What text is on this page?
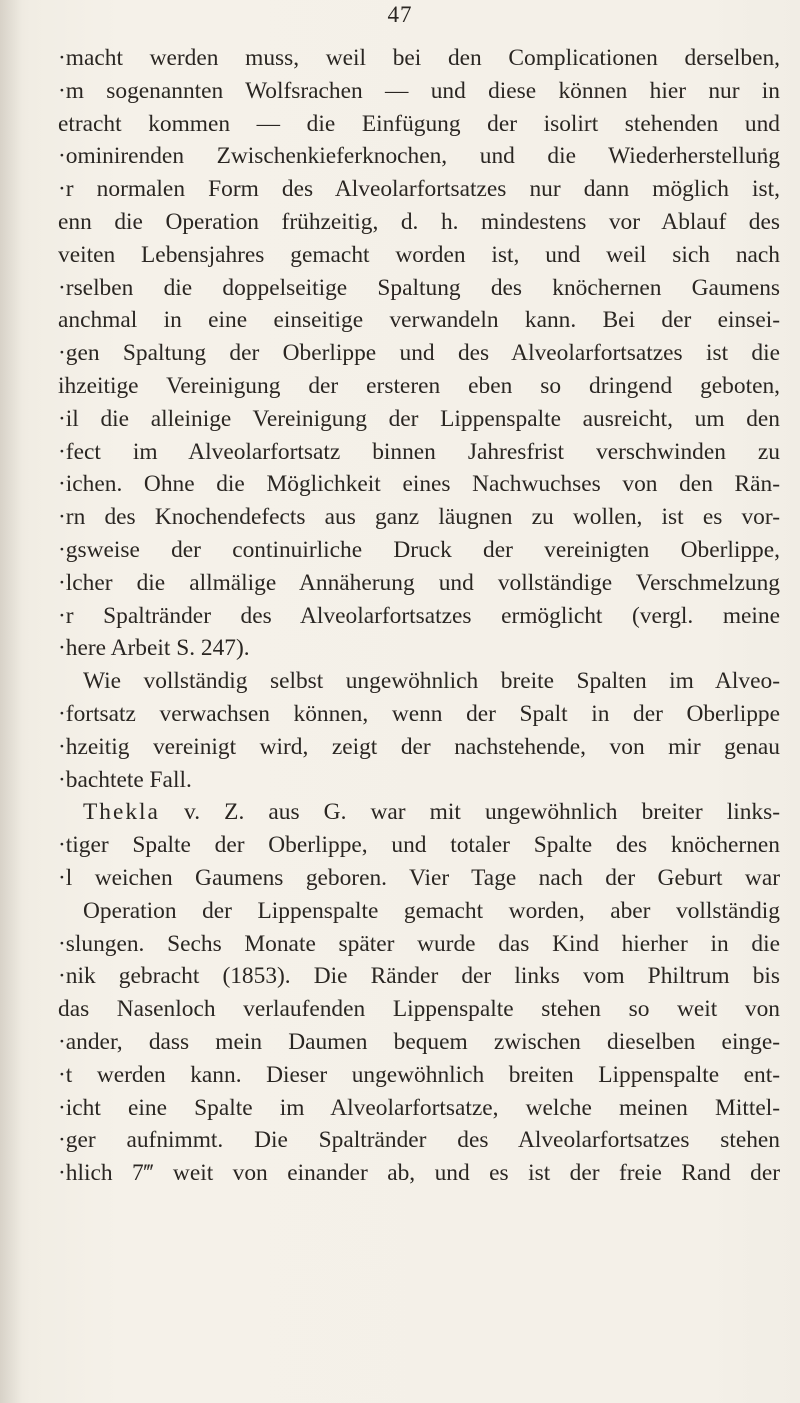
47
·macht werden muss, weil bei den Complicationen derselben,
·m sogenannten Wolfsrachen — und diese können hier nur in
etracht kommen — die Einfügung der isolirt stehenden und
·ominirenden Zwischenkieferknochen, und die Wiederherstellung
·r normalen Form des Alveolarfortsatzes nur dann möglich ist,
enn die Operation frühzeitig, d. h. mindestens vor Ablauf des
veiten Lebensjahres gemacht worden ist, und weil sich nach
·rselben die doppelseitige Spaltung des knöchernen Gaumens
anchmal in eine einseitige verwandeln kann. Bei der einsei-
·gen Spaltung der Oberlippe und des Alveolarfortsatzes ist die
ihzeitige Vereinigung der ersteren eben so dringend geboten,
·il die alleinige Vereinigung der Lippenspalte ausreicht, um den
·fect im Alveolarfortsatz binnen Jahresfrist verschwinden zu
·ichen. Ohne die Möglichkeit eines Nachwuchses von den Rän-
·rn des Knochendefects aus ganz läugnen zu wollen, ist es vor-
·gsweise der continuirliche Druck der vereinigten Oberlippe,
·lcher die allmälige Annäherung und vollständige Verschmelzung
·r Spaltränder des Alveolarfortsatzes ermöglicht (vergl. meine
·here Arbeit S. 247).
Wie vollständig selbst ungewöhnlich breite Spalten im Alveo-
·fortsatz verwachsen können, wenn der Spalt in der Oberlippe
·hzeitig vereinigt wird, zeigt der nachstehende, von mir genau
·bachtete Fall.
Thekla v. Z. aus G. war mit ungewöhnlich breiter links-
·tiger Spalte der Oberlippe, und totaler Spalte des knöchernen
·l weichen Gaumens geboren. Vier Tage nach der Geburt war
Operation der Lippenspalte gemacht worden, aber vollständig
·slungen. Sechs Monate später wurde das Kind hierher in die
·nik gebracht (1853). Die Ränder der links vom Philtrum bis
das Nasenloch verlaufenden Lippenspalte stehen so weit von
·ander, dass mein Daumen bequem zwischen dieselben einge-
·t werden kann. Dieser ungewöhnlich breiten Lippenspalte ent-
·icht eine Spalte im Alveolarfortsatze, welche meinen Mittel-
·ger aufnimmt. Die Spaltränder des Alveolarfortsatzes stehen
·hlich 7‴ weit von einander ab, und es ist der freie Rand der
